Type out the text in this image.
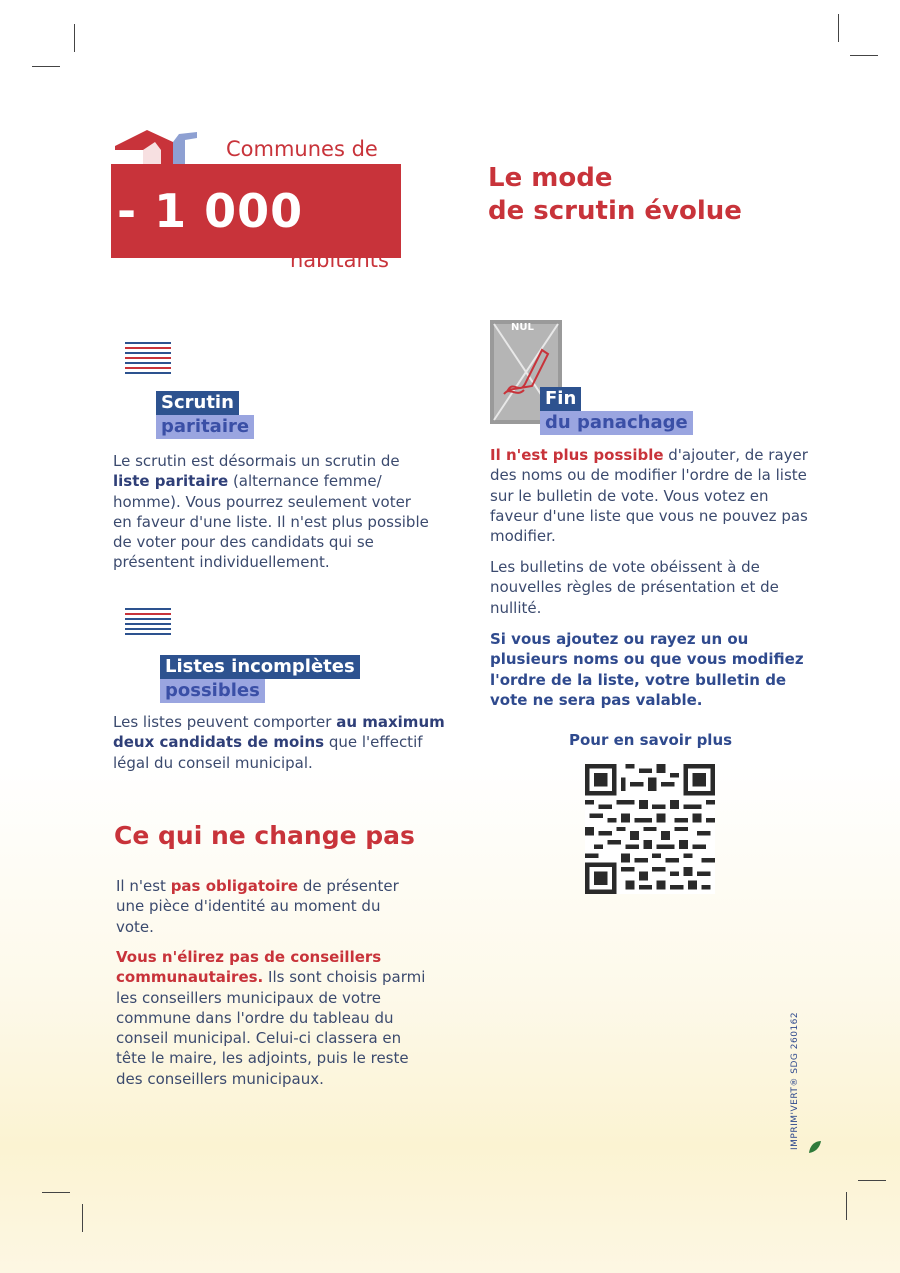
Communes de
- 1 000
habitants
Le mode
de scrutin évolue
Scrutin
paritaire

Le scrutin est désormais un scrutin de liste paritaire (alternance femme/ homme). Vous pourrez seulement voter en faveur d'une liste. Il n'est plus possible de voter pour des candidats qui se présentent individuellement.

Listes incomplètes
possibles

Les listes peuvent comporter au maximum deux candidats de moins que l'effectif légal du conseil municipal.

NUL
Fin
du panachage

Il n'est plus possible d'ajouter, de rayer des noms ou de modifier l'ordre de la liste sur le bulletin de vote. Vous votez en faveur d'une liste que vous ne pouvez pas modifier.

Les bulletins de vote obéissent à de nouvelles règles de présentation et de nullité.

Si vous ajoutez ou rayez un ou plusieurs noms ou que vous modifiez l'ordre de la liste, votre bulletin de vote ne sera pas valable.

Pour en savoir plus
Ce qui ne change pas

Il n'est pas obligatoire de présenter une pièce d'identité au moment du vote.

Vous n'élirez pas de conseillers communautaires. Ils sont choisis parmi les conseillers municipaux de votre commune dans l'ordre du tableau du conseil municipal. Celui-ci classera en tête le maire, les adjoints, puis le reste des conseillers municipaux.	IMPRIM'VERT® SDG 260162
